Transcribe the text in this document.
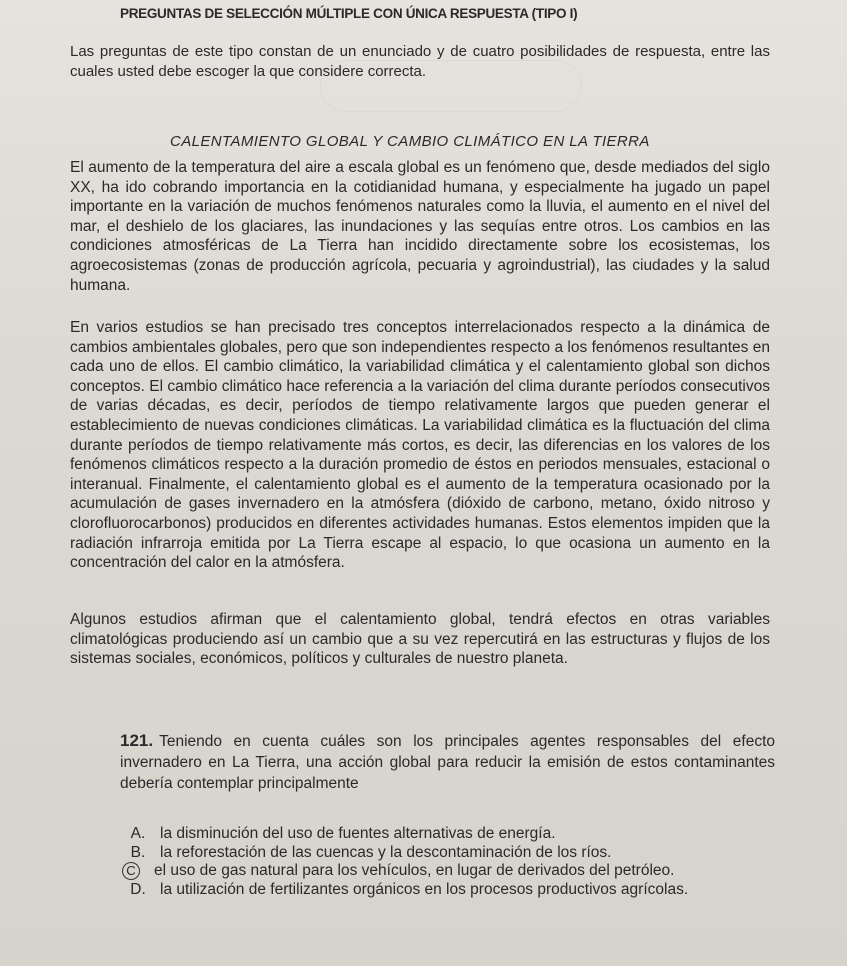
PREGUNTAS DE SELECCIÓN MÚLTIPLE CON ÚNICA RESPUESTA (TIPO I)
Las preguntas de este tipo constan de un enunciado y de cuatro posibilidades de respuesta, entre las cuales usted debe escoger la que considere correcta.
CALENTAMIENTO GLOBAL Y CAMBIO CLIMÁTICO EN LA TIERRA

El aumento de la temperatura del aire a escala global es un fenómeno que, desde mediados del siglo XX, ha ido cobrando importancia en la cotidianidad humana, y especialmente ha jugado un papel importante en la variación de muchos fenómenos naturales como la lluvia, el aumento en el nivel del mar, el deshielo de los glaciares, las inundaciones y las sequías entre otros. Los cambios en las condiciones atmosféricas de La Tierra han incidido directamente sobre los ecosistemas, los agroecosistemas (zonas de producción agrícola, pecuaria y agroindustrial), las ciudades y la salud humana.

En varios estudios se han precisado tres conceptos interrelacionados respecto a la dinámica de cambios ambientales globales, pero que son independientes respecto a los fenómenos resultantes en cada uno de ellos. El cambio climático, la variabilidad climática y el calentamiento global son dichos conceptos. El cambio climático hace referencia a la variación del clima durante períodos consecutivos de varias décadas, es decir, períodos de tiempo relativamente largos que pueden generar el establecimiento de nuevas condiciones climáticas. La variabilidad climática es la fluctuación del clima durante períodos de tiempo relativamente más cortos, es decir, las diferencias en los valores de los fenómenos climáticos respecto a la duración promedio de éstos en periodos mensuales, estacional o interanual. Finalmente, el calentamiento global es el aumento de la temperatura ocasionado por la acumulación de gases invernadero en la atmósfera (dióxido de carbono, metano, óxido nitroso y clorofluorocarbonos) producidos en diferentes actividades humanas. Estos elementos impiden que la radiación infrarroja emitida por La Tierra escape al espacio, lo que ocasiona un aumento en la concentración del calor en la atmósfera.

Algunos estudios afirman que el calentamiento global, tendrá efectos en otras variables climatológicas produciendo así un cambio que a su vez repercutirá en las estructuras y flujos de los sistemas sociales, económicos, políticos y culturales de nuestro planeta.

121. Teniendo en cuenta cuáles son los principales agentes responsables del efecto invernadero en La Tierra, una acción global para reducir la emisión de estos contaminantes debería contemplar principalmente

A. la disminución del uso de fuentes alternativas de energía.
B. la reforestación de las cuencas y la descontaminación de los ríos.
C el uso de gas natural para los vehículos, en lugar de derivados del petróleo.
D. la utilización de fertilizantes orgánicos en los procesos productivos agrícolas.
